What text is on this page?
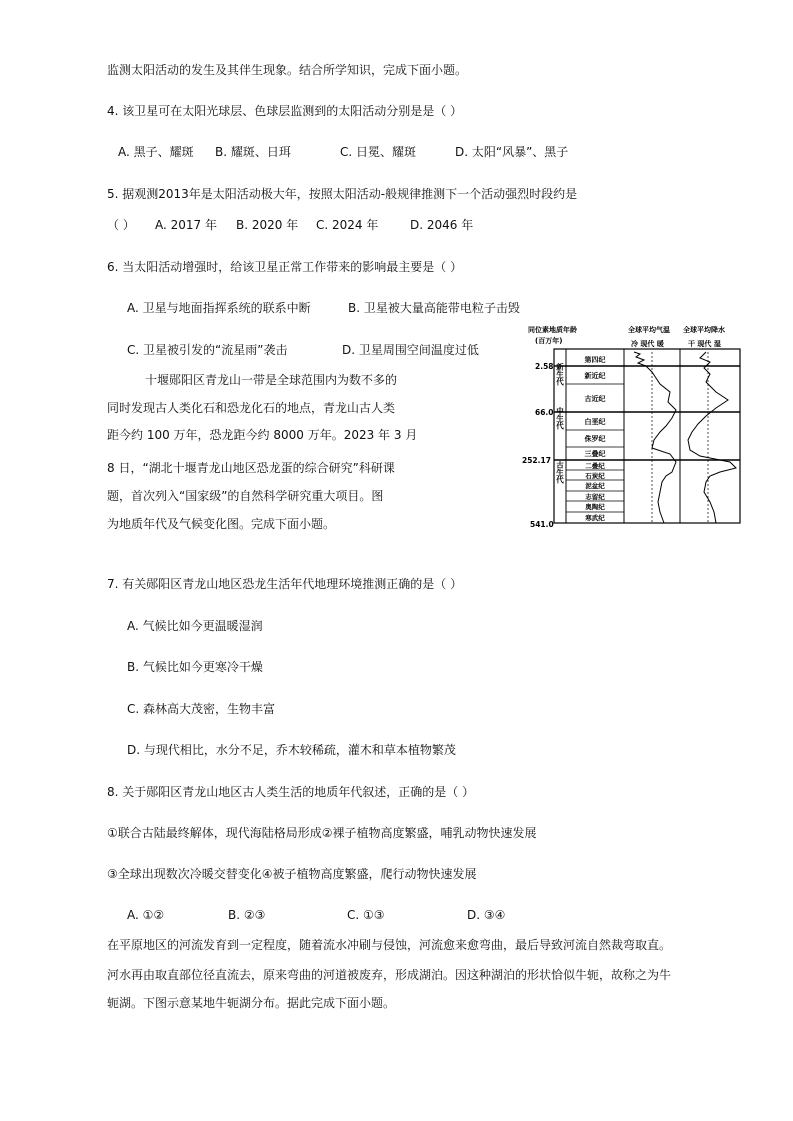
监测太阳活动的发生及其伴生现象。结合所学知识，完成下面小题。
4. 该卫星可在太阳光球层、色球层监测到的太阳活动分别是是（ ）
A. 黑子、耀斑 B. 耀斑、日珥	C. 日冕、耀斑	D. 太阳“风暴”、黑子
5. 据观测2013年是太阳活动极大年，按照太阳活动-般规律推测下一个活动强烈时段约是
（ ） A. 2017 年 B. 2020 年 C. 2024 年	D. 2046 年
6. 当太阳活动增强时，给该卫星正常工作带来的影响最主要是（ ）
A. 卫星与地面指挥系统的联系中断	B. 卫星被大量高能带电粒子击毁
C. 卫星被引发的“流星雨”袭击	D. 卫星周围空间温度过低
十堰郧阳区青龙山一带是全球范围内为数不多的
同时发现古人类化石和恐龙化石的地点，青龙山古人类
距今约 100 万年，恐龙距今约 8000 万年。2023 年 3 月
8 日，“湖北十堰青龙山地区恐龙蛋的综合研究”科研课
题，首次列入“国家级”的自然科学研究重大项目。图
为地质年代及气候变化图。完成下面小题。
同位素地质年龄
(百万年)
全球平均气温
冷 现代 暖
全球平均降水
干 现代 湿
2.58
66.0
252.17
541.0
新生代
中生代
古生代
第四纪
新近纪
古近纪
白垩纪
侏罗纪
三叠纪
二叠纪
石炭纪
泥盆纪
志留纪
奥陶纪
寒武纪
7. 有关郧阳区青龙山地区恐龙生活年代地理环境推测正确的是（ ）
A. 气候比如今更温暖湿润
B. 气候比如今更寒冷干燥
C. 森林高大茂密，生物丰富
D. 与现代相比，水分不足，乔木较稀疏，灌木和草本植物繁茂
8. 关于郧阳区青龙山地区古人类生活的地质年代叙述，正确的是（ ）
①联合古陆最终解体，现代海陆格局形成②裸子植物高度繁盛，哺乳动物快速发展
③全球出现数次冷暖交替变化④被子植物高度繁盛，爬行动物快速发展
A. ①②	B. ②③	C. ①③	D. ③④
在平原地区的河流发育到一定程度，随着流水冲刷与侵蚀，河流愈来愈弯曲，最后导致河流自然裁弯取直。
河水再由取直部位径直流去，原来弯曲的河道被废弃，形成湖泊。因这种湖泊的形状恰似牛轭，故称之为牛
轭湖。下图示意某地牛轭湖分布。据此完成下面小题。
